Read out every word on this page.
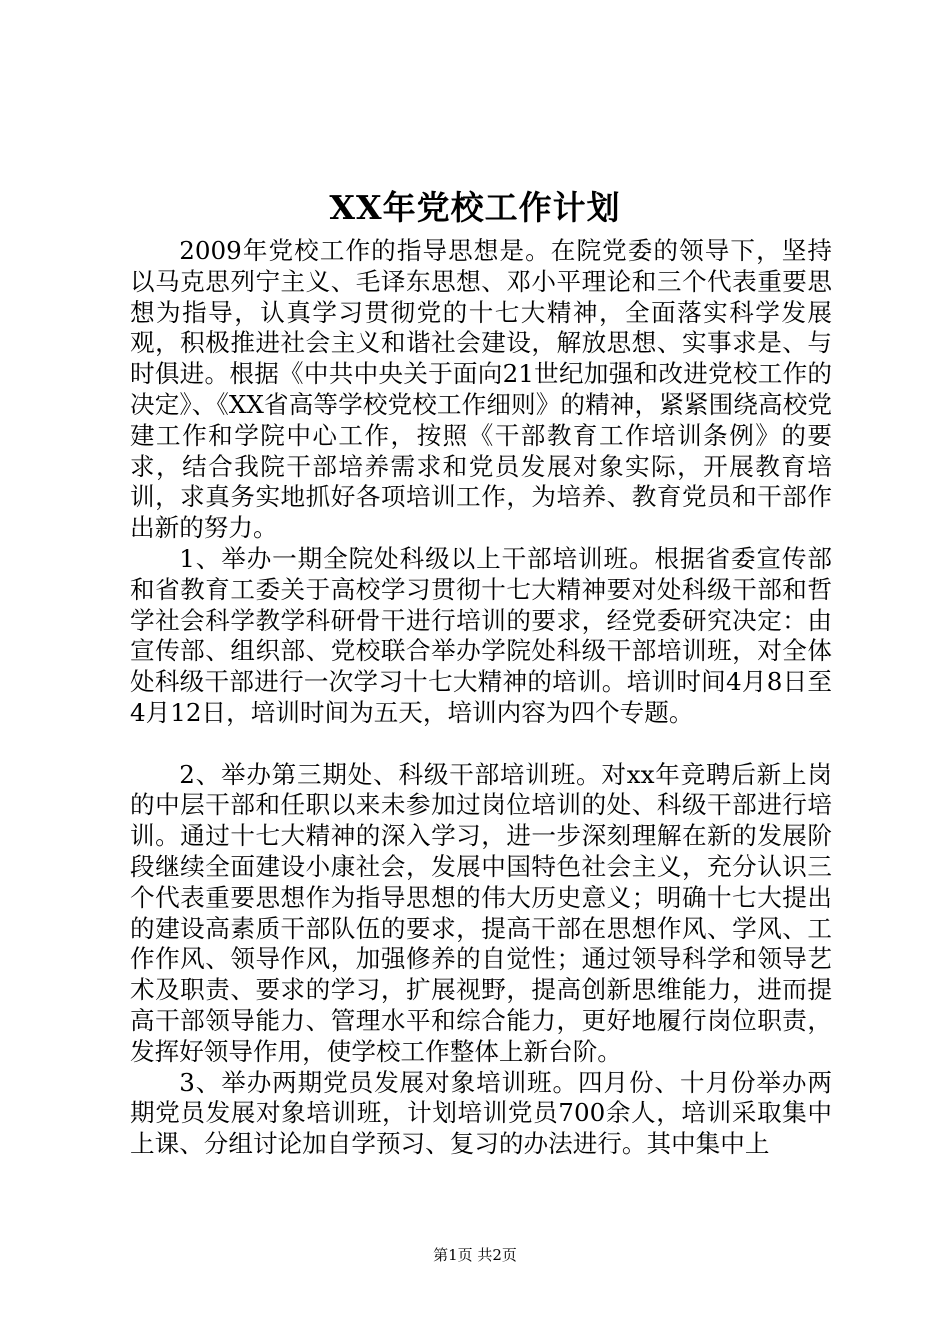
XX年党校工作计划

2009年党校工作的指导思想是。在院党委的领导下，坚持以马克思列宁主义、毛译东思想、邓小平理论和三个代表重要思想为指导，认真学习贯彻党的十七大精神，全面落实科学发展观，积极推进社会主义和谐社会建设，解放思想、实事求是、与时俱进。根据《中共中央关于面向21世纪加强和改进党校工作的决定》、《XX省高等学校党校工作细则》的精神，紧紧围绕高校党建工作和学院中心工作，按照《干部教育工作培训条例》的要求，结合我院干部培养需求和党员发展对象实际，开展教育培训，求真务实地抓好各项培训工作，为培养、教育党员和干部作出新的努力。

1、举办一期全院处科级以上干部培训班。根据省委宣传部和省教育工委关于高校学习贯彻十七大精神要对处科级干部和哲学社会科学教学科研骨干进行培训的要求，经党委研究决定：由宣传部、组织部、党校联合举办学院处科级干部培训班，对全体处科级干部进行一次学习十七大精神的培训。培训时间4月8日至4月12日，培训时间为五天，培训内容为四个专题。

2、举办第三期处、科级干部培训班。对xx年竞聘后新上岗的中层干部和任职以来未参加过岗位培训的处、科级干部进行培训。通过十七大精神的深入学习，进一步深刻理解在新的发展阶段继续全面建设小康社会，发展中国特色社会主义，充分认识三个代表重要思想作为指导思想的伟大历史意义；明确十七大提出的建设高素质干部队伍的要求，提高干部在思想作风、学风、工作作风、领导作风，加强修养的自觉性；通过领导科学和领导艺术及职责、要求的学习，扩展视野，提高创新思维能力，进而提高干部领导能力、管理水平和综合能力，更好地履行岗位职责，发挥好领导作用，使学校工作整体上新台阶。

3、举办两期党员发展对象培训班。四月份、十月份举办两期党员发展对象培训班，计划培训党员700余人，培训采取集中上课、分组讨论加自学预习、复习的办法进行。其中集中上

第1页 共2页
